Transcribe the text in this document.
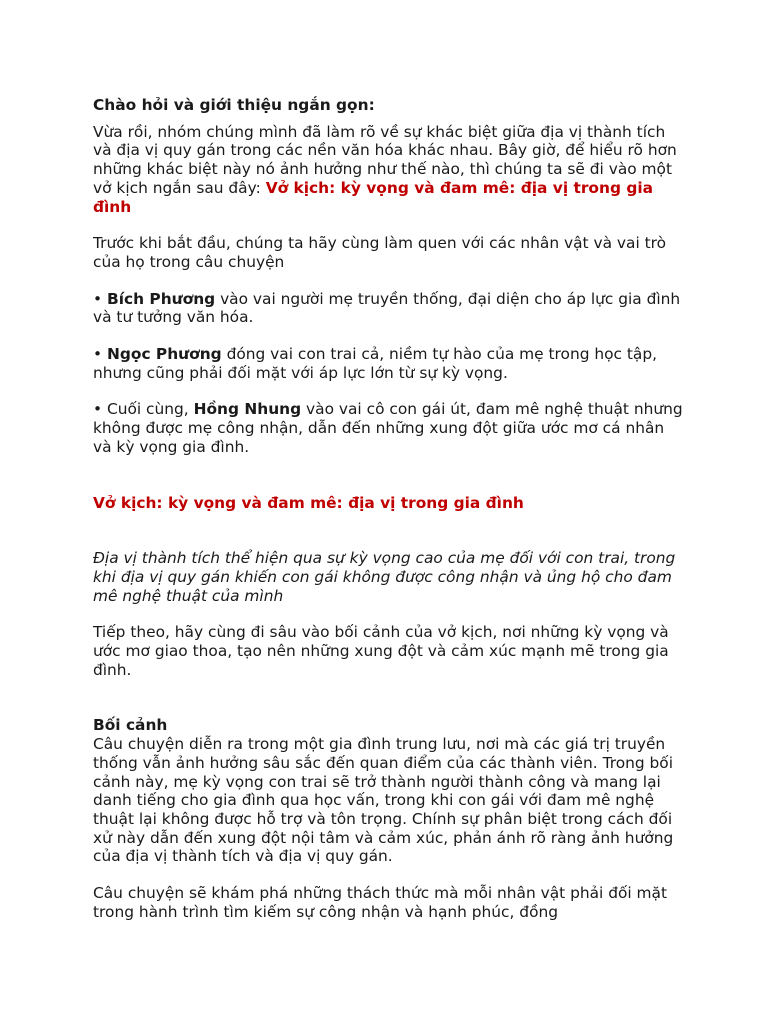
Chào hỏi và giới thiệu ngắn gọn:

Vừa rồi, nhóm chúng mình đã làm rõ về sự khác biệt giữa địa vị thành tích và địa vị quy gán trong các nền văn hóa khác nhau. Bây giờ, để hiểu rõ hơn những khác biệt này nó ảnh hưởng như thế nào, thì chúng ta sẽ đi vào một vở kịch ngắn sau đây: Vở kịch: kỳ vọng và đam mê: địa vị trong gia đình

Trước khi bắt đầu, chúng ta hãy cùng làm quen với các nhân vật và vai trò của họ trong câu chuyện

• Bích Phương vào vai người mẹ truyền thống, đại diện cho áp lực gia đình và tư tưởng văn hóa.

• Ngọc Phương đóng vai con trai cả, niềm tự hào của mẹ trong học tập, nhưng cũng phải đối mặt với áp lực lớn từ sự kỳ vọng.

• Cuối cùng, Hồng Nhung vào vai cô con gái út, đam mê nghệ thuật nhưng không được mẹ công nhận, dẫn đến những xung đột giữa ước mơ cá nhân và kỳ vọng gia đình.

Vở kịch: kỳ vọng và đam mê: địa vị trong gia đình

Địa vị thành tích thể hiện qua sự kỳ vọng cao của mẹ đối với con trai, trong khi địa vị quy gán khiến con gái không được công nhận và ủng hộ cho đam mê nghệ thuật của mình

Tiếp theo, hãy cùng đi sâu vào bối cảnh của vở kịch, nơi những kỳ vọng và ước mơ giao thoa, tạo nên những xung đột và cảm xúc mạnh mẽ trong gia đình.

Bối cảnh

Câu chuyện diễn ra trong một gia đình trung lưu, nơi mà các giá trị truyền thống vẫn ảnh hưởng sâu sắc đến quan điểm của các thành viên. Trong bối cảnh này, mẹ kỳ vọng con trai sẽ trở thành người thành công và mang lại danh tiếng cho gia đình qua học vấn, trong khi con gái với đam mê nghệ thuật lại không được hỗ trợ và tôn trọng. Chính sự phân biệt trong cách đối xử này dẫn đến xung đột nội tâm và cảm xúc, phản ánh rõ ràng ảnh hưởng của địa vị thành tích và địa vị quy gán.

Câu chuyện sẽ khám phá những thách thức mà mỗi nhân vật phải đối mặt trong hành trình tìm kiếm sự công nhận và hạnh phúc, đồng
